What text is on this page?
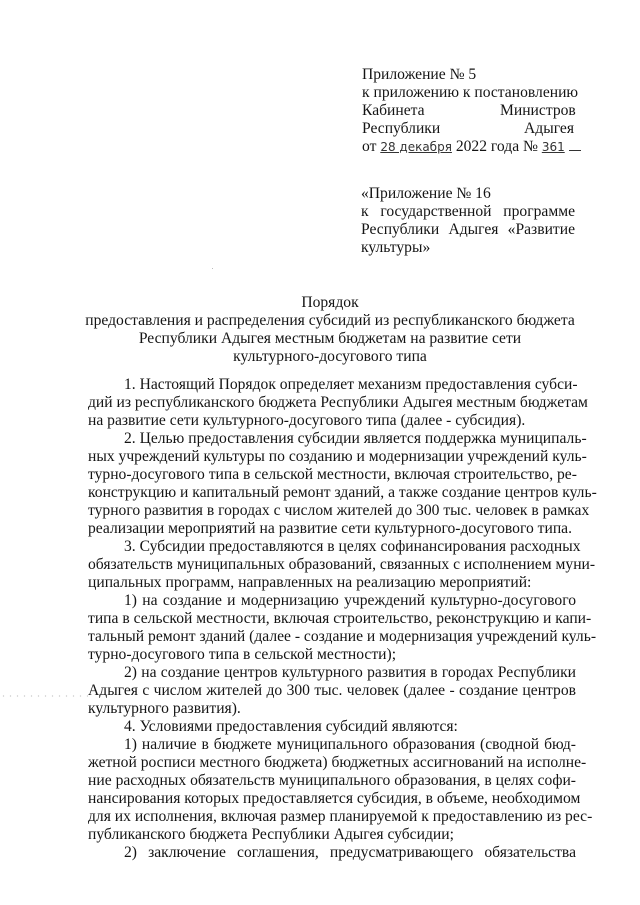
Приложение № 5
к приложению к постановлению
Кабинета	Министров
Республики	Адыгея
от 28 декабря 2022 года № 361
«Приложение № 16
к государственной программе
Республики Адыгея «Развитие
культуры»
Порядок
предоставления и распределения субсидий из республиканского бюджета
Республики Адыгея местным бюджетам на развитие сети
культурного-досугового типа
1. Настоящий Порядок определяет механизм предоставления субси-
дий из республиканского бюджета Республики Адыгея местным бюджетам
на развитие сети культурного-досугового типа (далее - субсидия).
2. Целью предоставления субсидии является поддержка муниципаль-
ных учреждений культуры по созданию и модернизации учреждений куль-
турно-досугового типа в сельской местности, включая строительство, ре-
конструкцию и капитальный ремонт зданий, а также создание центров куль-
турного развития в городах с числом жителей до 300 тыс. человек в рамках
реализации мероприятий на развитие сети культурного-досугового типа.
3. Субсидии предоставляются в целях софинансирования расходных
обязательств муниципальных образований, связанных с исполнением муни-
ципальных программ, направленных на реализацию мероприятий:
1) на создание и модернизацию учреждений культурно-досугового
типа в сельской местности, включая строительство, реконструкцию и капи-
тальный ремонт зданий (далее - создание и модернизация учреждений куль-
турно-досугового типа в сельской местности);
2) на создание центров культурного развития в городах Республики
Адыгея с числом жителей до 300 тыс. человек (далее - создание центров
культурного развития).
4. Условиями предоставления субсидий являются:
1) наличие в бюджете муниципального образования (сводной бюд-
жетной росписи местного бюджета) бюджетных ассигнований на исполне-
ние расходных обязательств муниципального образования, в целях софи-
нансирования которых предоставляется субсидия, в объеме, необходимом
для их исполнения, включая размер планируемой к предоставлению из рес-
публиканского бюджета Республики Адыгея субсидии;
2) заключение соглашения, предусматривающего обязательства
